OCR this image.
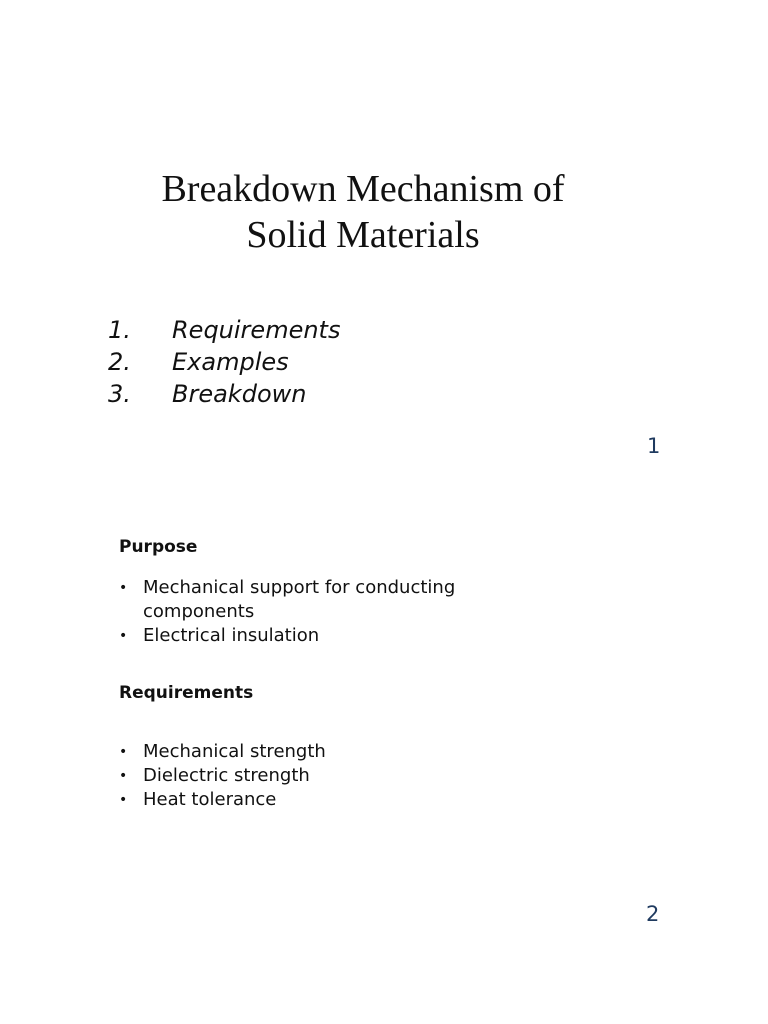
Breakdown Mechanism of
Solid Materials
1.	Requirements
2.	Examples
3.	Breakdown
1
Purpose
• Mechanical support for conducting components
• Electrical insulation
Requirements
• Mechanical strength
• Dielectric strength
• Heat tolerance
2
